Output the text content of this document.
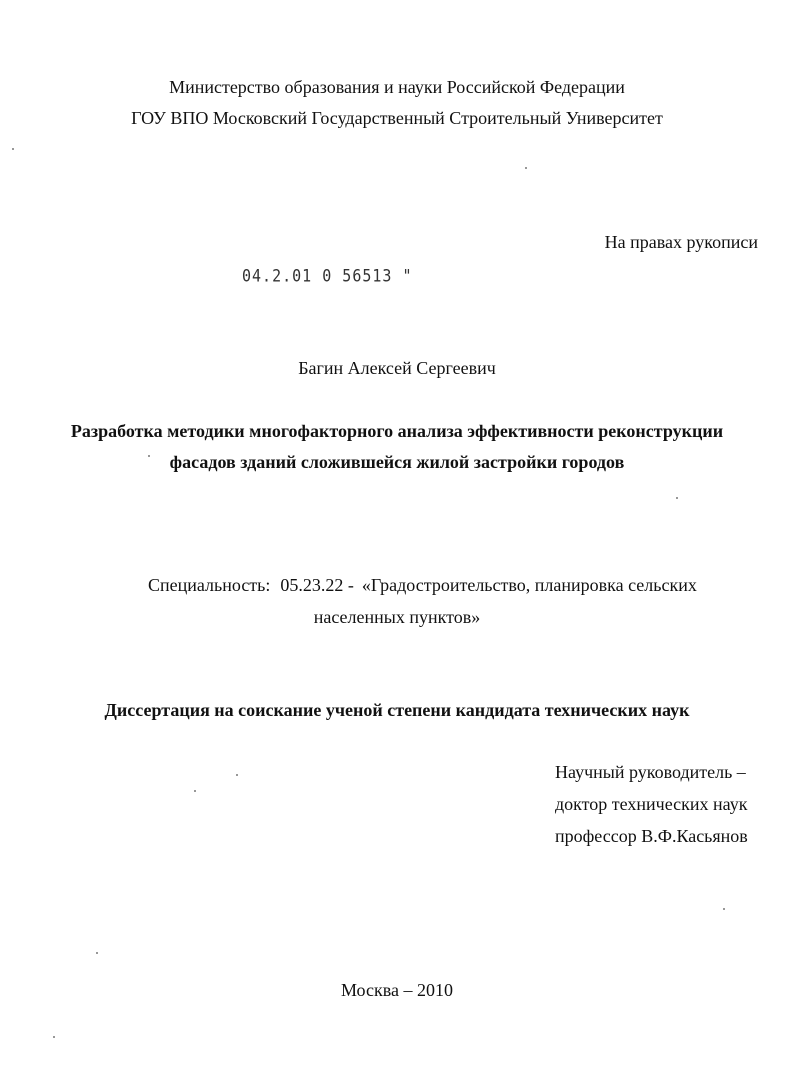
Министерство образования и науки Российской Федерации
ГОУ ВПО Московский Государственный Строительный Университет
На правах рукописи
04.2.01 0 56513 "
Багин Алексей Сергеевич
Разработка методики многофакторного анализа эффективности реконструкции
фасадов зданий сложившейся жилой застройки городов
Специальность: 05.23.22 - «Градостроительство, планировка сельских
населенных пунктов»
Диссертация на соискание ученой степени кандидата технических наук
Научный руководитель –
доктор технических наук
профессор В.Ф.Касьянов
Москва – 2010
